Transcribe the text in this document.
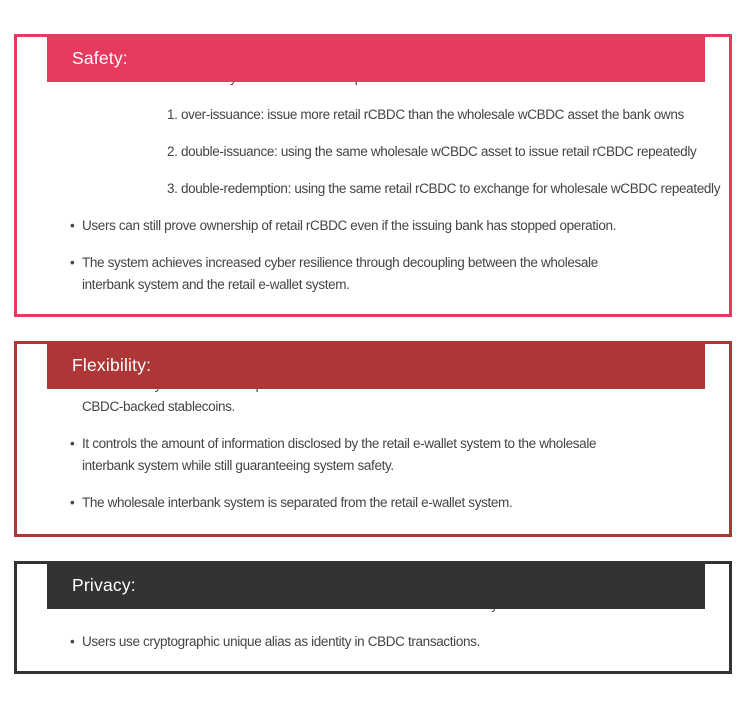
Safety:
•
1. over-issuance: issue more retail rCBDC than the wholesale wCBDC asset the bank owns
2. double-issuance: using the same wholesale wCBDC asset to issue retail rCBDC repeatedly
3. double-redemption: using the same retail rCBDC to exchange for wholesale wCBDC repeatedly
• Users can still prove ownership of retail rCBDC even if the issuing bank has stopped operation.
• The system achieves increased cyber resilience through decoupling between the wholesale
interbank system and the retail e-wallet system.
Flexibility:

• CBDC-backed stablecoins.
• It controls the amount of information disclosed by the retail e-wallet system to the wholesale
interbank system while still guaranteeing system safety.
• The wholesale interbank system is separated from the retail e-wallet system.
Privacy:
•
• Users use cryptographic unique alias as identity in CBDC transactions.
